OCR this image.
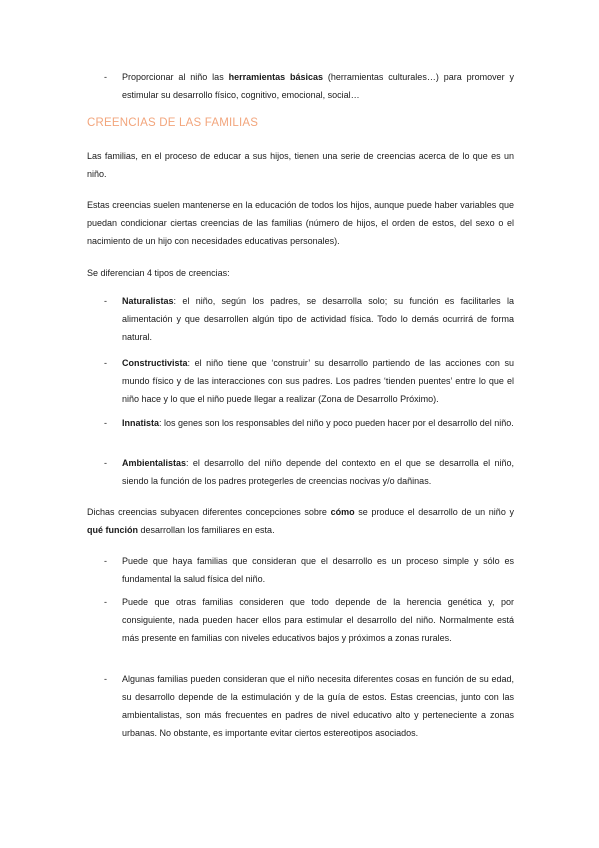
-	Proporcionar al niño las herramientas básicas (herramientas culturales…) para promover y estimular su desarrollo físico, cognitivo, emocional, social…
CREENCIAS DE LAS FAMILIAS

Las familias, en el proceso de educar a sus hijos, tienen una serie de creencias acerca de lo que es un niño.

Estas creencias suelen mantenerse en la educación de todos los hijos, aunque puede haber variables que puedan condicionar ciertas creencias de las familias (número de hijos, el orden de estos, del sexo o el nacimiento de un hijo con necesidades educativas personales).

Se diferencian 4 tipos de creencias:

-	Naturalistas: el niño, según los padres, se desarrolla solo; su función es facilitarles la alimentación y que desarrollen algún tipo de actividad física. Todo lo demás ocurrirá de forma natural.
-	Constructivista: el niño tiene que ‘construir’ su desarrollo partiendo de las acciones con su mundo físico y de las interacciones con sus padres. Los padres ‘tienden puentes’ entre lo que el niño hace y lo que el niño puede llegar a realizar (Zona de Desarrollo Próximo).
-	Innatista: los genes son los responsables del niño y poco pueden hacer por el desarrollo del niño.
-	Ambientalistas: el desarrollo del niño depende del contexto en el que se desarrolla el niño, siendo la función de los padres protegerles de creencias nocivas y/o dañinas.

Dichas creencias subyacen diferentes concepciones sobre cómo se produce el desarrollo de un niño y qué función desarrollan los familiares en esta.

-	Puede que haya familias que consideran que el desarrollo es un proceso simple y sólo es fundamental la salud física del niño.
-	Puede que otras familias consideren que todo depende de la herencia genética y, por consiguiente, nada pueden hacer ellos para estimular el desarrollo del niño. Normalmente está más presente en familias con niveles educativos bajos y próximos a zonas rurales.
-	Algunas familias pueden consideran que el niño necesita diferentes cosas en función de su edad, su desarrollo depende de la estimulación y de la guía de estos. Estas creencias, junto con las ambientalistas, son más frecuentes en padres de nivel educativo alto y perteneciente a zonas urbanas. No obstante, es importante evitar ciertos estereotipos asociados.
